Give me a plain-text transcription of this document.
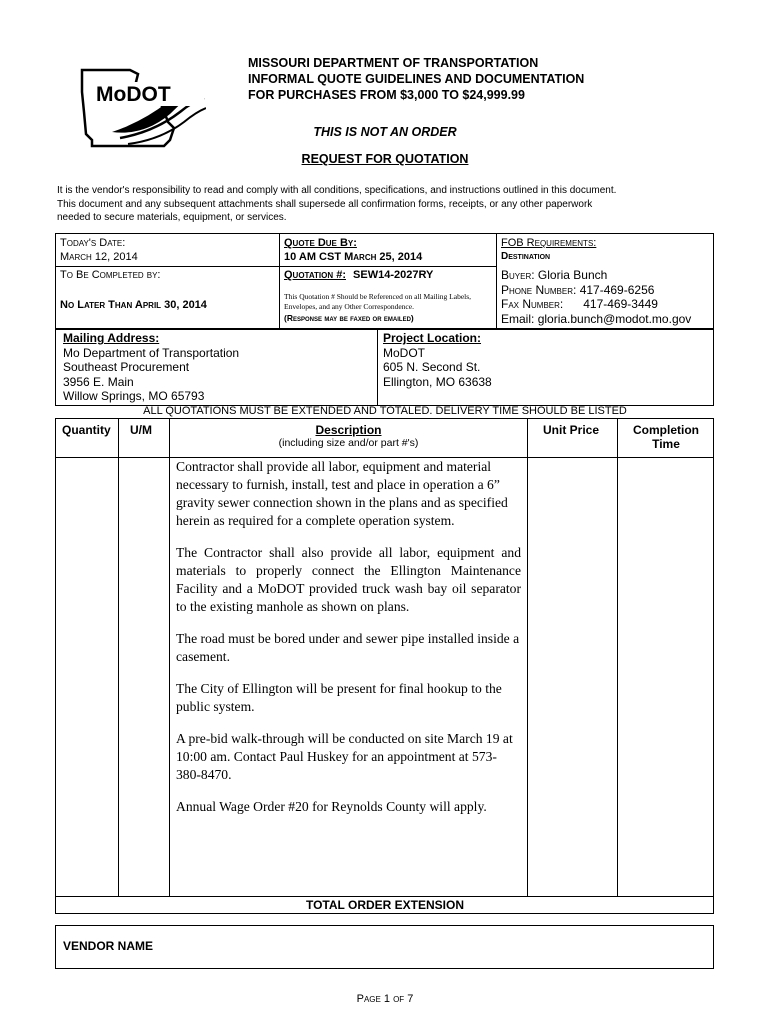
MoDOT
MISSOURI DEPARTMENT OF TRANSPORTATION
INFORMAL QUOTE GUIDELINES AND DOCUMENTATION
FOR PURCHASES FROM $3,000 TO $24,999.99
THIS IS NOT AN ORDER
REQUEST FOR QUOTATION
It is the vendor's responsibility to read and comply with all conditions, specifications, and instructions outlined in this document.
This document and any subsequent attachments shall supersede all confirmation forms, receipts, or any other paperwork
needed to secure materials, equipment, or services.
Today's Date:
March 12, 2014
Quote Due By:
10 AM CST March 25, 2014
FOB Requirements:
Destination
To Be Completed by:
No Later Than April 30, 2014
Quotation #: SEW14-2027RY
This Quotation # Should be Referenced on all Mailing Labels, Envelopes, and any Other Correspondence.
(Response may be faxed or emailed)
Buyer: Gloria Bunch
Phone Number: 417-469-6256
Fax Number: 417-469-3449
Email: gloria.bunch@modot.mo.gov
Mailing Address:
Mo Department of Transportation
Southeast Procurement
3956 E. Main
Willow Springs, MO 65793
Project Location:
MoDOT
605 N. Second St.
Ellington, MO 63638
ALL QUOTATIONS MUST BE EXTENDED AND TOTALED. DELIVERY TIME SHOULD BE LISTED
Quantity U/M	Description
(including size and/or part #'s)
Unit Price	Completion
Time

Contractor shall provide all labor, equipment and material necessary to furnish, install, test and place in operation a 6” gravity sewer connection shown in the plans and as specified herein as required for a complete operation system.

The Contractor shall also provide all labor, equipment and materials to properly connect the Ellington Maintenance Facility and a MoDOT provided truck wash bay oil separator to the existing manhole as shown on plans.

The road must be bored under and sewer pipe installed inside a casement.

The City of Ellington will be present for final hookup to the public system.

A pre-bid walk-through will be conducted on site March 19 at 10:00 am. Contact Paul Huskey for an appointment at 573-380-8470.

Annual Wage Order #20 for Reynolds County will apply.

TOTAL ORDER EXTENSION
VENDOR NAME
Page 1 of 7
